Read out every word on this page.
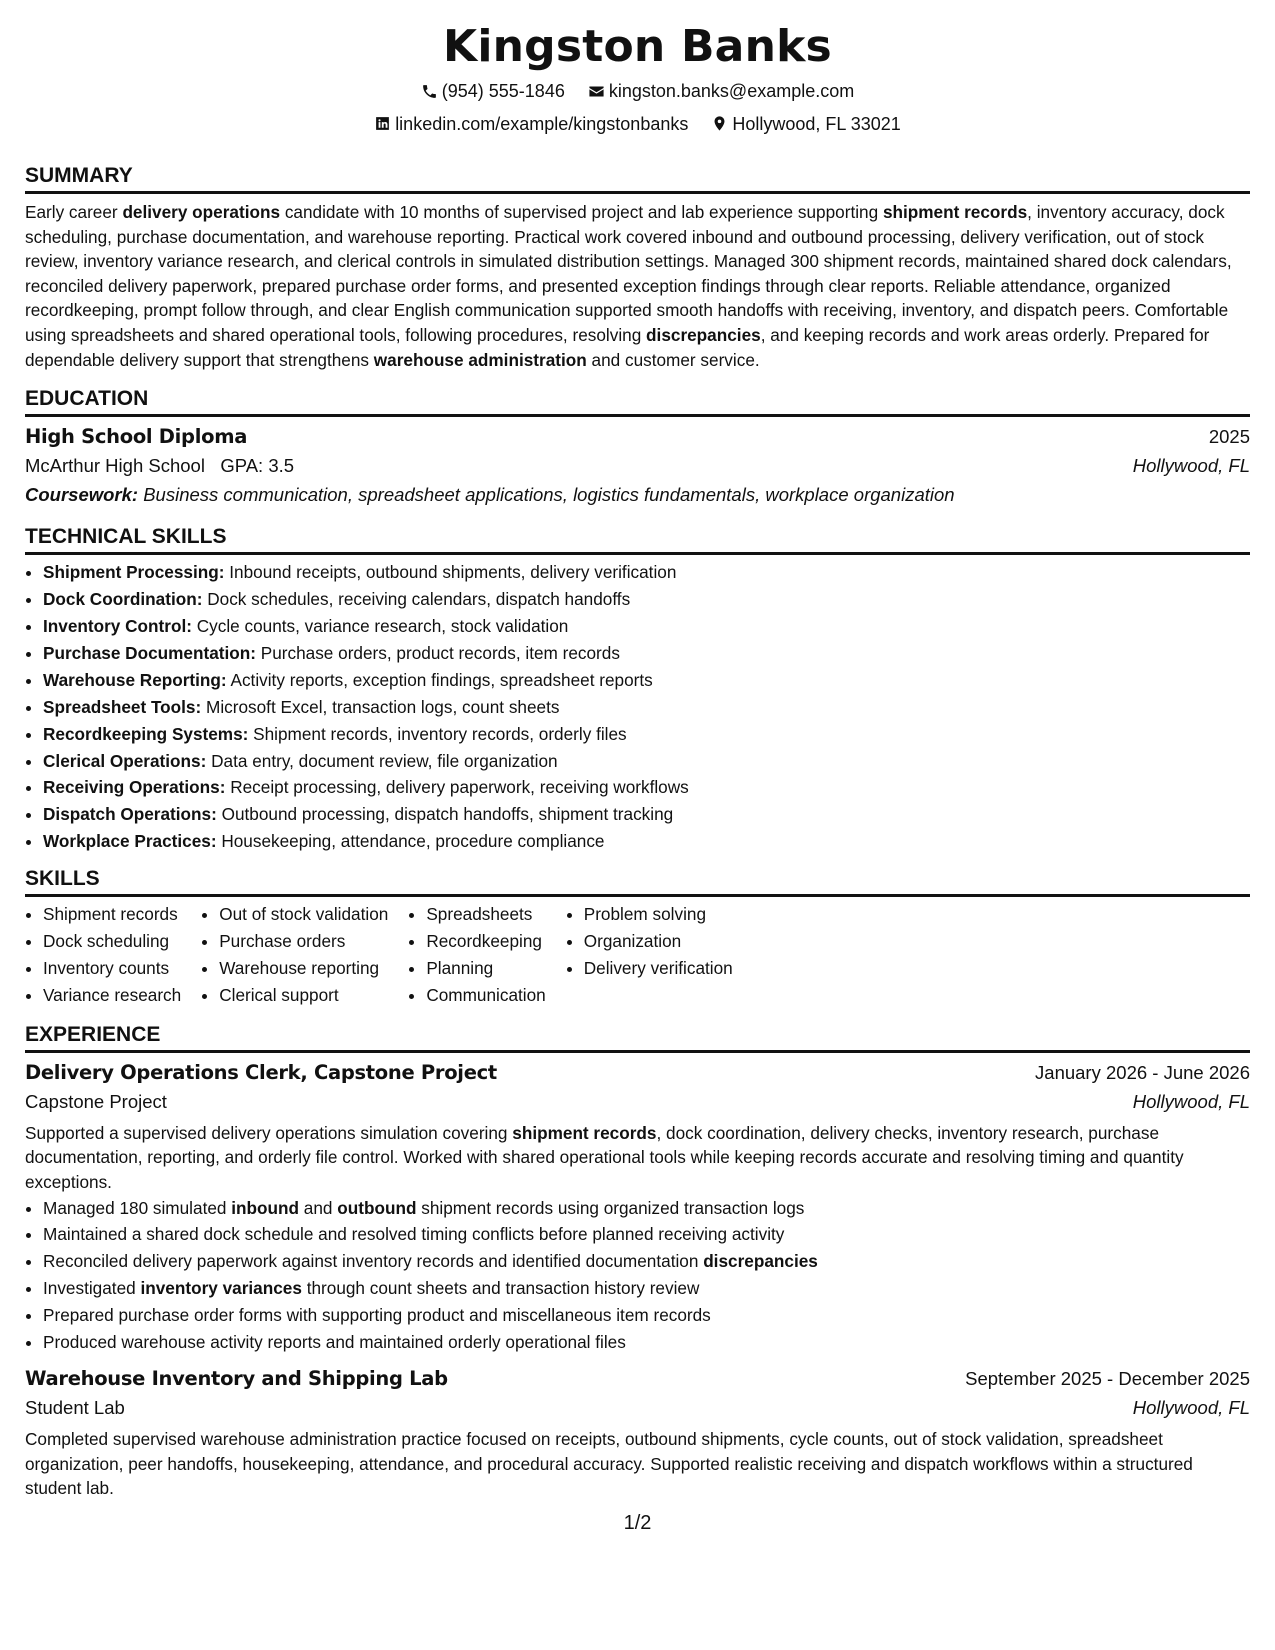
Kingston Banks
(954) 555-1846
kingston.banks@example.com
linkedin.com/example/kingstonbanks
Hollywood, FL 33021
SUMMARY

Early career delivery operations candidate with 10 months of supervised project and lab experience supporting shipment records, inventory accuracy, dock scheduling, purchase documentation, and warehouse reporting. Practical work covered inbound and outbound processing, delivery verification, out of stock review, inventory variance research, and clerical controls in simulated distribution settings. Managed 300 shipment records, maintained shared dock calendars, reconciled delivery paperwork, prepared purchase order forms, and presented exception findings through clear reports. Reliable attendance, organized recordkeeping, prompt follow through, and clear English communication supported smooth handoffs with receiving, inventory, and dispatch peers. Comfortable using spreadsheets and shared operational tools, following procedures, resolving discrepancies, and keeping records and work areas orderly. Prepared for dependable delivery support that strengthens warehouse administration and customer service.

EDUCATION
High School Diploma	2025
McArthur High School GPA: 3.5	Hollywood, FL
Coursework: Business communication, spreadsheet applications, logistics fundamentals, workplace organization
TECHNICAL SKILLS
• Shipment Processing: Inbound receipts, outbound shipments, delivery verification
• Dock Coordination: Dock schedules, receiving calendars, dispatch handoffs
• Inventory Control: Cycle counts, variance research, stock validation
• Purchase Documentation: Purchase orders, product records, item records
• Warehouse Reporting: Activity reports, exception findings, spreadsheet reports
• Spreadsheet Tools: Microsoft Excel, transaction logs, count sheets
• Recordkeeping Systems: Shipment records, inventory records, orderly files
• Clerical Operations: Data entry, document review, file organization
• Receiving Operations: Receipt processing, delivery paperwork, receiving workflows
• Dispatch Operations: Outbound processing, dispatch handoffs, shipment tracking
• Workplace Practices: Housekeeping, attendance, procedure compliance
SKILLS
• Shipment records
• Dock scheduling
• Inventory counts
• Variance research
• Out of stock validation
• Purchase orders
• Warehouse reporting
• Clerical support
• Spreadsheets
• Recordkeeping
• Planning
• Communication
• Problem solving
• Organization
• Delivery verification
EXPERIENCE
Delivery Operations Clerk, Capstone Project	January 2026 - June 2026
Capstone Project	Hollywood, FL

Supported a supervised delivery operations simulation covering shipment records, dock coordination, delivery checks, inventory research, purchase documentation, reporting, and orderly file control. Worked with shared operational tools while keeping records accurate and resolving timing and quantity exceptions.

• Managed 180 simulated inbound and outbound shipment records using organized transaction logs
• Maintained a shared dock schedule and resolved timing conflicts before planned receiving activity
• Reconciled delivery paperwork against inventory records and identified documentation discrepancies
• Investigated inventory variances through count sheets and transaction history review
• Prepared purchase order forms with supporting product and miscellaneous item records
• Produced warehouse activity reports and maintained orderly operational files
Warehouse Inventory and Shipping Lab	September 2025 - December 2025
Student Lab	Hollywood, FL

Completed supervised warehouse administration practice focused on receipts, outbound shipments, cycle counts, out of stock validation, spreadsheet organization, peer handoffs, housekeeping, attendance, and procedural accuracy. Supported realistic receiving and dispatch workflows within a structured student lab.

1/2
